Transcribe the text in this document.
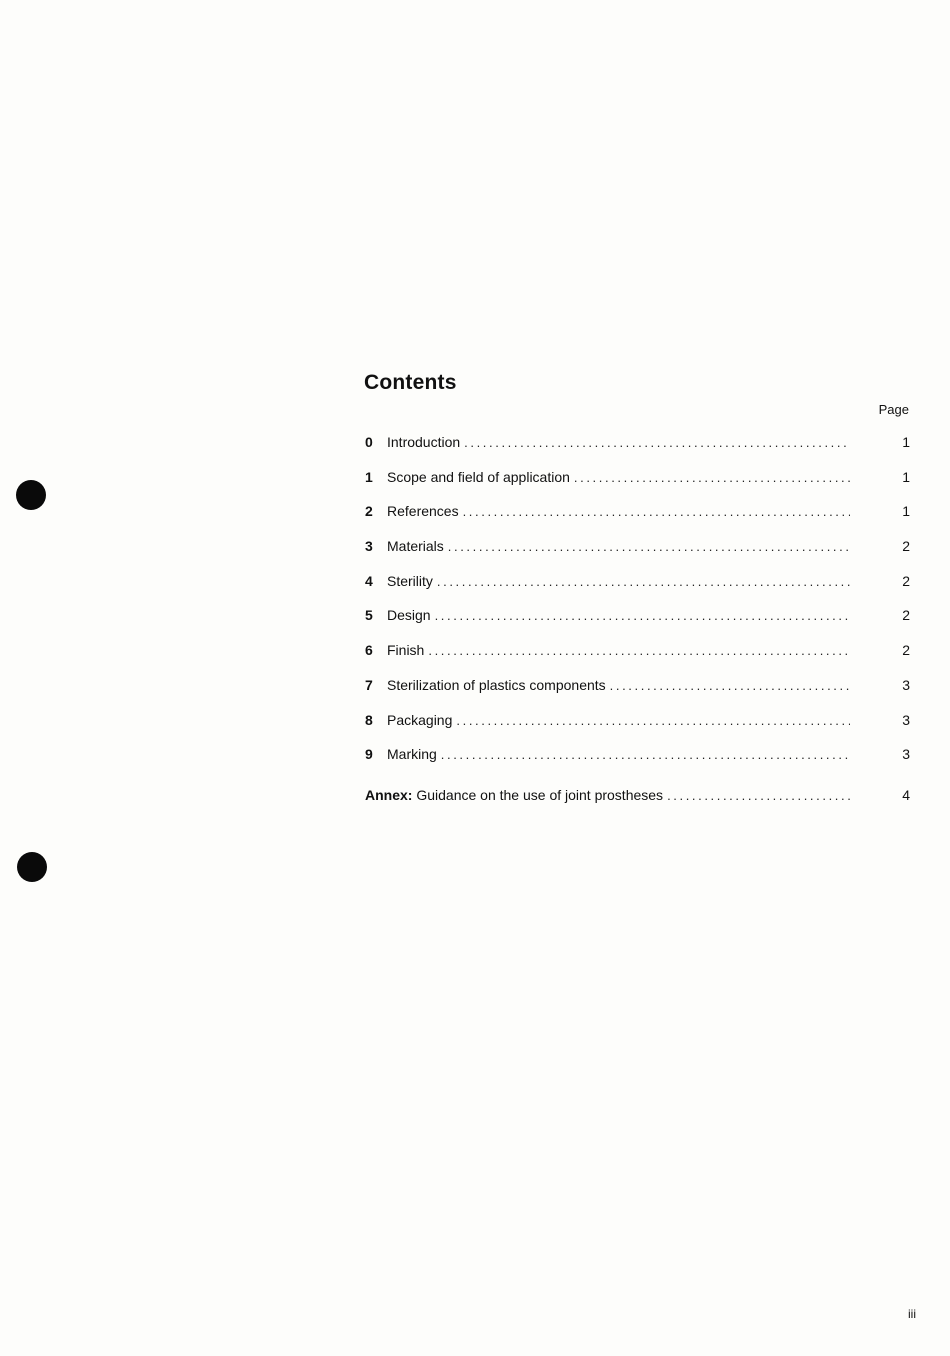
Contents
Page
0	Introduction .....	1
1	Scope and field of application .....	1
2	References .....	1
3	Materials .....	2
4	Sterility .....	2
5	Design .....	2
6	Finish .....	2
7	Sterilization of plastics components .....	3
8	Packaging .....	3
9	Marking .....	3
Annex: Guidance on the use of joint prostheses .....	4
iii
